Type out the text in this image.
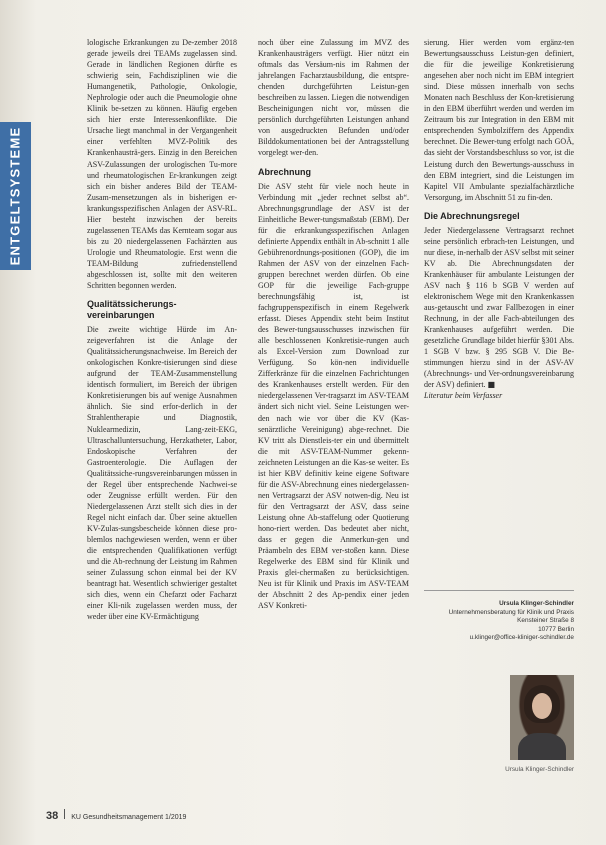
ENTGELTSYSTEME

lologische Erkrankungen zu De-zember 2018 gerade jeweils drei TEAMs zugelassen sind. Gerade in ländlichen Regionen dürfte es schwierig sein, Fachdisziplinen wie die Humangenetik, Pathologie, Onkologie, Nephrologie oder auch die Pneumologie ohne Klinik be-setzen zu können. Häufig ergeben sich hier erste Interessenkonflikte. Die Ursache liegt manchmal in der Vergangenheit einer verfehlten MVZ-Politik des Krankenhausträ-gers. Einzig in den Bereichen ASV-Zulassungen der urologischen Tu-more und rheumatologischen Er-krankungen zeigt sich ein bisher anderes Bild der TEAM-Zusam-mensetzungen als in bisherigen er-krankungsspezifischen Anlagen der ASV-RL. Hier besteht inzwischen der bereits zugelassenen TEAMs das Kernteam sogar aus bis zu 20 niedergelassenen Fachärzten aus Urologie und Rheumatologie. Erst wenn die TEAM-Bildung zufriedenstellend abgeschlossen ist, sollte mit den weiteren Schritten begonnen werden.

Qualitätssicherungsvereinbarungen

Die zweite wichtige Hürde im An-zeigeverfahren ist die Anlage der Qualitätssicherungsnachweise. Im Bereich der onkologischen Konkre-tisierungen sind diese aufgrund der TEAM-Zusammenstellung identisch formuliert, im Bereich der übrigen Konkretisierungen bis auf wenige Ausnahmen ähnlich. Sie sind erfor-derlich in der Strahlentherapie und Diagnostik, Nuklearmedizin, Lang-zeit-EKG, Ultraschalluntersuchung, Herzkatheter, Labor, Endoskopische Verfahren der Gastroenterologie. Die Auflagen der Qualitätssiche-rungsvereinbarungen müssen in der Regel über entsprechende Nachwei-se oder Zeugnisse erfüllt werden. Für den Niedergelassenen Arzt stellt sich dies in der Regel nicht einfach dar. Über seine aktuellen KV-Zulas-sungsbescheide können diese pro-blemlos nachgewiesen werden, wenn er über die entsprechenden Qualifikationen verfügt und die Ab-rechnung der Leistung im Rahmen seiner Zulassung schon einmal bei der KV beantragt hat. Wesentlich schwieriger gestaltet sich dies, wenn ein Chefarzt oder Facharzt einer Kli-nik zugelassen werden muss, der weder über eine KV-Ermächtigung

noch über eine Zulassung im MVZ des Krankenhausträgers verfügt. Hier nützt ein oftmals das Versäum-nis im Rahmen der jahrelangen Facharztausbildung, die entspre-chenden durchgeführten Leistun-gen beschreiben zu lassen. Liegen die notwendigen Bescheinigungen nicht vor, müssen die persönlich durchgeführten Leistungen anhand von ausgedruckten Befunden und/oder Bilddokumentationen bei der Antragsstellung vorgelegt wer-den.

Abrechnung

Die ASV steht für viele noch heute in Verbindung mit „jeder rechnet selbst ab“. Abrechnungsgrundlage der ASV ist der Einheitliche Bewer-tungsmaßstab (EBM). Der für die erkrankungsspezifischen Anlagen definierte Appendix enthält in Ab-schnitt 1 alle Gebührenordnungs-positionen (GOP), die im Rahmen der ASV von der einzelnen Fach-gruppen berechnet werden dürfen. Ob eine GOP für die jeweilige Fach-gruppe berechnungsfähig ist, ist fachgruppenspezifisch in einem Regelwerk erfasst. Dieses Appendix steht beim Institut des Bewer-tungsausschusses inzwischen für alle beschlossenen Konkretisie-rungen auch als Excel-Version zum Download zur Verfügung. So kön-nen individuelle Zifferkränze für die einzelnen Fachrichtungen des Krankenhauses erstellt werden. Für den niedergelassenen Ver-tragsarzt im ASV-TEAM ändert sich nicht viel. Seine Leistungen wer-den nach wie vor über die KV (Kas-senärztliche Vereinigung) abge-rechnet. Die KV tritt als Dienstleis-ter ein und übermittelt die mit ASV-TEAM-Nummer gekenn-zeichneten Leistungen an die Kas-se weiter. Es ist hier KBV definitiv keine eigene Software für die ASV-Abrechnung eines niedergelassen-nen Vertragsarzt der ASV notwen-dig. Neu ist für den Vertragsarzt der ASV, dass seine Leistung ohne Ab-staffelung oder Quotierung hono-riert werden. Das bedeutet aber nicht, dass er gegen die Anmerkun-gen und Präambeln des EBM ver-stoßen kann. Diese Regelwerke des EBM sind für Klinik und Praxis glei-chermaßen zu berücksichtigen. Neu ist für Klinik und Praxis im ASV-TEAM der Abschnitt 2 des Ap-pendix einer jeden ASV Konkreti-

sierung. Hier werden vom ergänz-ten Bewertungsausschuss Leistun-gen definiert, die für die jeweilige Konkretisierung angesehen aber noch nicht im EBM integriert sind. Diese müssen innerhalb von sechs Monaten nach Beschluss der Kon-kretisierung in den EBM überführt werden und werden im Zeitraum bis zur Integration in den EBM mit entsprechenden Symbolziffern des Appendix berechnet. Die Bewer-tung erfolgt nach GOÄ, das sieht der Vorstandsbeschluss so vor, ist die Leistung durch den Bewertungs-ausschuss in den EBM integriert, sind die Leistungen im Kapitel VII Ambulante spezialfachärztliche Versorgung, im Abschnitt 51 zu fin-den.

Die Abrechnungsregel

Jeder Niedergelassene Vertragsarzt rechnet seine persönlich erbrach-ten Leistungen, und nur diese, in-nerhalb der ASV selbst mit seiner KV ab. Die Abrechnungsdaten der Krankenhäuser für ambulante Leistungen der ASV nach § 116 b SGB V werden auf elektronischem Wege mit den Krankenkassen aus-getauscht und zwar Fallbezogen in einer Rechnung, in der alle Fach-abteilungen des Krankenhauses aufgeführt werden. Die gesetzliche Grundlage bildet hierfür §301 Abs. 1 SGB V bzw. § 295 SGB V. Die Be-stimmungen hierzu sind in der ASV-AV (Abrechnungs- und Ver-ordnungsvereinbarung der ASV) definiert. ■

Literatur beim Verfasser

Ursula Klinger-Schindler
Unternehmensberatung für Klinik und Praxis
Kensteiner Straße 8
10777 Berlin
u.klinger@office-kliniger-schindler.de
Ursula Klinger-Schindler
38 KU Gesundheitsmanagement 1/2019
